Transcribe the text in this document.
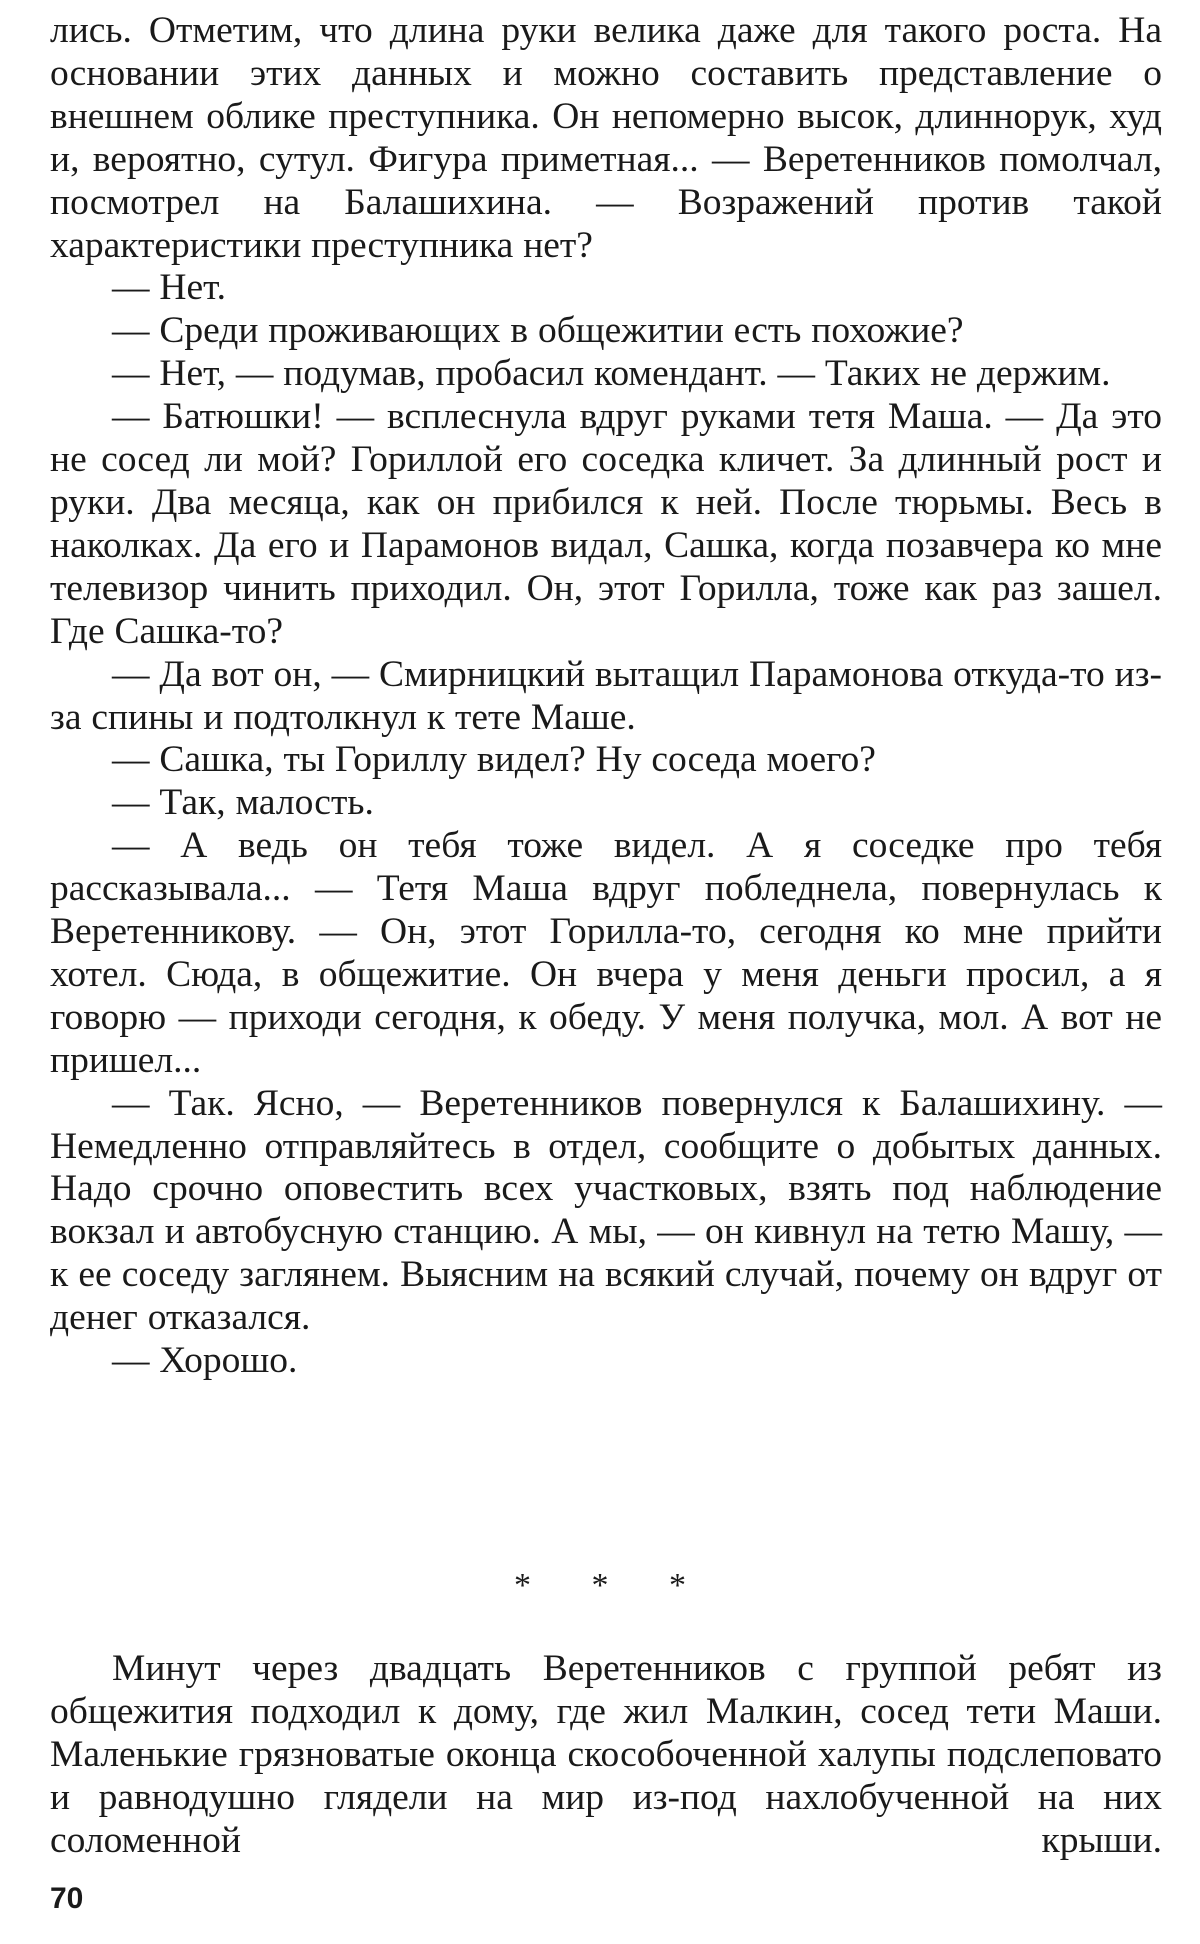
лись. Отметим, что длина руки велика даже для такого роста. На основании этих данных и можно составить представление о внешнем облике преступника. Он непомерно высок, длиннорук, худ и, вероятно, сутул. Фигура приметная... — Веретенников помолчал, посмотрел на Балашихина. — Возражений против такой характеристики преступника нет?

— Нет.

— Среди проживающих в общежитии есть похожие?

— Нет, — подумав, пробасил комендант. — Таких не держим.

— Батюшки! — всплеснула вдруг руками тетя Маша. — Да это не сосед ли мой? Гориллой его соседка кличет. За длинный рост и руки. Два месяца, как он прибился к ней. После тюрьмы. Весь в наколках. Да его и Парамонов видал, Сашка, когда позавчера ко мне телевизор чинить приходил. Он, этот Горилла, тоже как раз зашел. Где Сашка-то?

— Да вот он, — Смирницкий вытащил Парамонова откуда-то из-за спины и подтолкнул к тете Маше.

— Сашка, ты Гориллу видел? Ну соседа моего?

— Так, малость.

— А ведь он тебя тоже видел. А я соседке про тебя рассказывала... — Тетя Маша вдруг побледнела, повернулась к Веретенникову. — Он, этот Горилла-то, сегодня ко мне прийти хотел. Сюда, в общежитие. Он вчера у меня деньги просил, а я говорю — приходи сегодня, к обеду. У меня получка, мол. А вот не пришел...

— Так. Ясно, — Веретенников повернулся к Балашихину. — Немедленно отправляйтесь в отдел, сообщите о добытых данных. Надо срочно оповестить всех участковых, взять под наблюдение вокзал и автобусную станцию. А мы, — он кивнул на тетю Машу, — к ее соседу заглянем. Выясним на всякий случай, почему он вдруг от денег отказался.

— Хорошо.

* * *

Минут через двадцать Веретенников с группой ребят из общежития подходил к дому, где жил Малкин, сосед тети Маши. Маленькие грязноватые оконца скособоченной халупы подслеповато и равнодушно глядели на мир из-под нахлобученной на них соломенной крыши.

70
